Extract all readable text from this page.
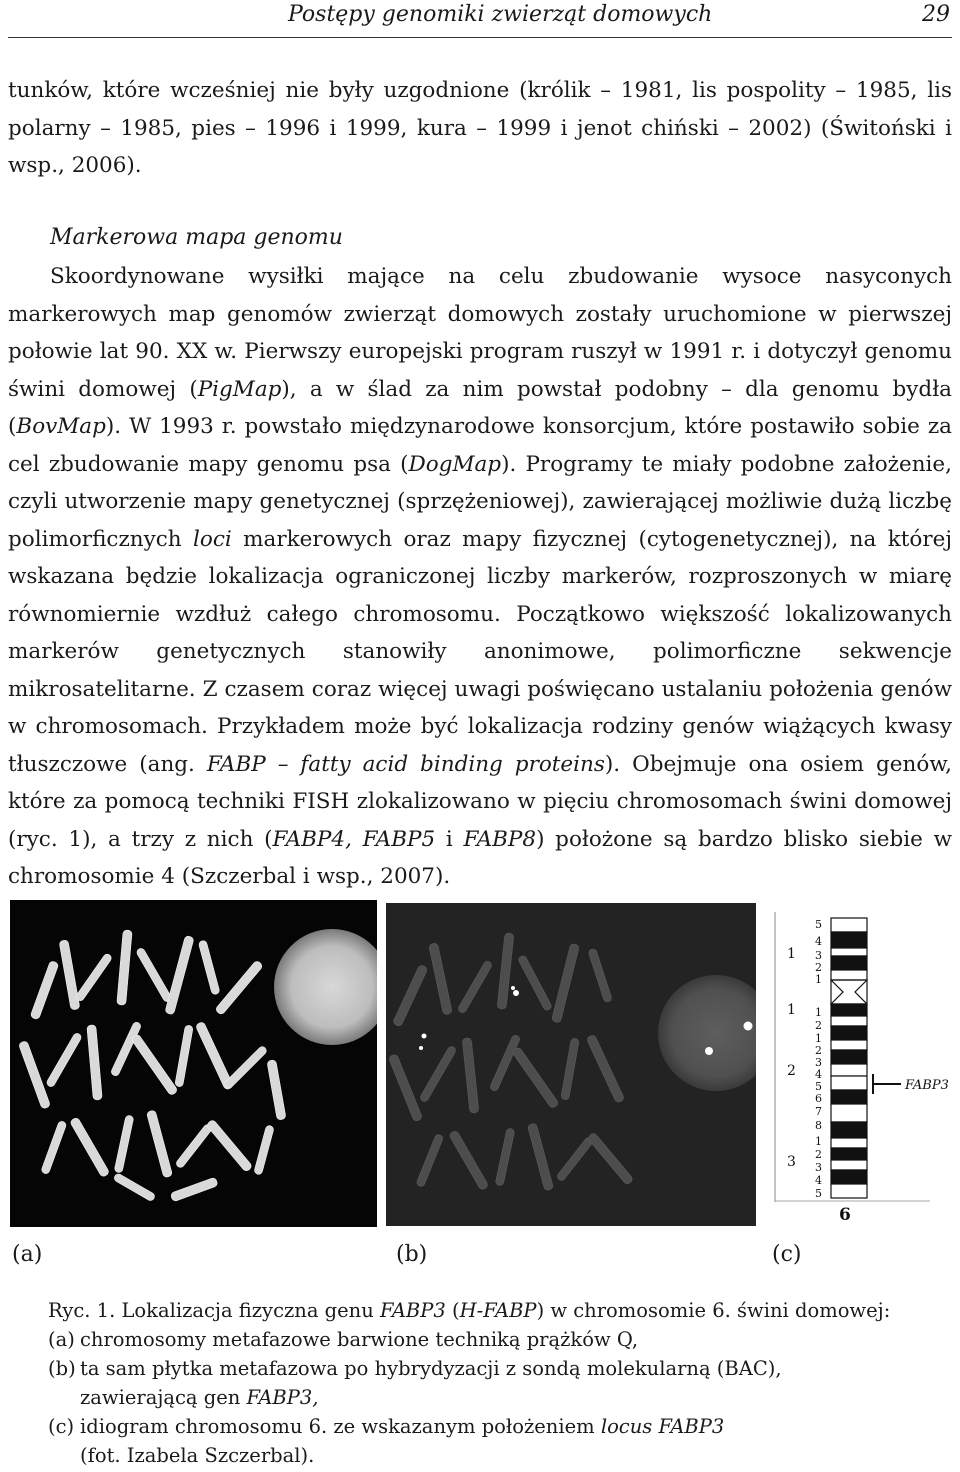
Postępy genomiki zwierząt domowych	29

tunków, które wcześniej nie były uzgodnione (królik – 1981, lis pospolity – 1985, lis polarny – 1985, pies – 1996 i 1999, kura – 1999 i jenot chiński – 2002) (Świtoński i wsp., 2006).

Markerowa mapa genomu

Skoordynowane wysiłki mające na celu zbudowanie wysoce nasyconych markerowych map genomów zwierząt domowych zostały uruchomione w pierwszej połowie lat 90. XX w. Pierwszy europejski program ruszył w 1991 r. i dotyczył genomu świni domowej (PigMap), a w ślad za nim powstał podobny – dla genomu bydła (BovMap). W 1993 r. powstało międzynarodowe konsorcjum, które postawiło sobie za cel zbudowanie mapy genomu psa (DogMap). Programy te miały podobne założenie, czyli utworzenie mapy genetycznej (sprzężeniowej), zawierającej możliwie dużą liczbę polimorficznych loci markerowych oraz mapy fizycznej (cytogenetycznej), na której wskazana będzie lokalizacja ograniczonej liczby markerów, rozproszonych w miarę równomiernie wzdłuż całego chromosomu. Początkowo większość lokalizowanych markerów genetycznych stanowiły anonimowe, polimorficzne sekwencje mikrosatelitarne. Z czasem coraz więcej uwagi poświęcano ustalaniu położenia genów w chromosomach. Przykładem może być lokalizacja rodziny genów wiążących kwasy tłuszczowe (ang. FABP – fatty acid binding proteins). Obejmuje ona osiem genów, które za pomocą techniki FISH zlokalizowano w pięciu chromosomach świni domowej (ryc. 1), a trzy z nich (FABP4, FABP5 i FABP8) położone są bardzo blisko siebie w chromosomie 4 (Szczerbal i wsp., 2007).

1
1
2
3
5
4
3
2
1
1
2
1
2
3
4
5
6
7
8
1
2
3
4
5
FABP3
6
(a)	(b)	(c)
Ryc. 1. Lokalizacja fizyczna genu FABP3 (H-FABP) w chromosomie 6. świni domowej:
(a) chromosomy metafazowe barwione techniką prążków Q,
(b) ta sam płytka metafazowa po hybrydyzacji z sondą molekularną (BAC),
zawierającą gen FABP3,
(c) idiogram chromosomu 6. ze wskazanym położeniem locus FABP3
(fot. Izabela Szczerbal).
